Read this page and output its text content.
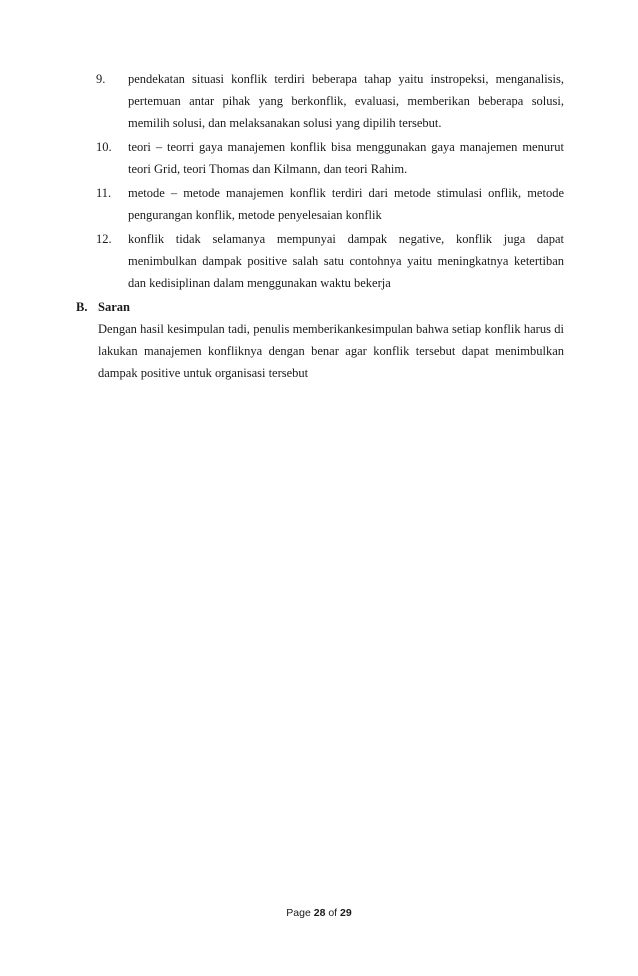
9. pendekatan situasi konflik terdiri beberapa tahap yaitu instropeksi, menganalisis, pertemuan antar pihak yang berkonflik, evaluasi, memberikan beberapa solusi, memilih solusi, dan melaksanakan solusi yang dipilih tersebut.
10. teori – teorri gaya manajemen konflik bisa menggunakan gaya manajemen menurut teori Grid, teori Thomas dan Kilmann, dan teori Rahim.
11. metode – metode manajemen konflik terdiri dari metode stimulasi onflik, metode pengurangan konflik, metode penyelesaian konflik
12. konflik tidak selamanya mempunyai dampak negative, konflik juga dapat menimbulkan dampak positive salah satu contohnya yaitu meningkatnya ketertiban dan kedisiplinan dalam menggunakan waktu bekerja
B. Saran

Dengan hasil kesimpulan tadi, penulis memberikankesimpulan bahwa setiap konflik harus di lakukan manajemen konfliknya dengan benar agar konflik tersebut dapat menimbulkan dampak positive untuk organisasi tersebut

Page 28 of 29
